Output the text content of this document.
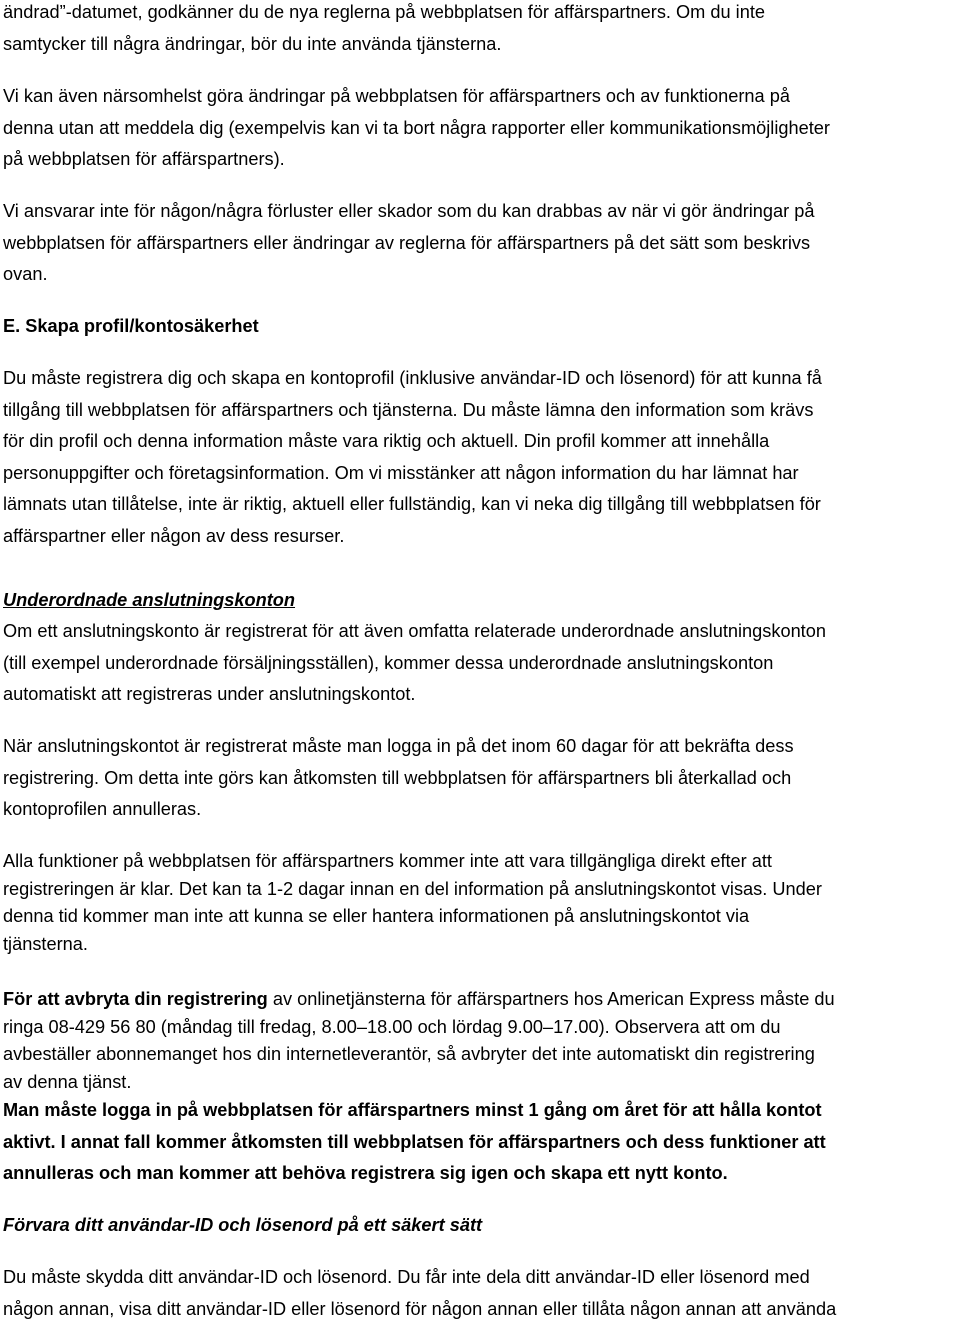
ändrad”-datumet, godkänner du de nya reglerna på webbplatsen för affärspartners. Om du inte
samtycker till några ändringar, bör du inte använda tjänsterna.

Vi kan även närsomhelst göra ändringar på webbplatsen för affärspartners och av funktionerna på
denna utan att meddela dig (exempelvis kan vi ta bort några rapporter eller kommunikationsmöjligheter
på webbplatsen för affärspartners).

Vi ansvarar inte för någon/några förluster eller skador som du kan drabbas av när vi gör ändringar på
webbplatsen för affärspartners eller ändringar av reglerna för affärspartners på det sätt som beskrivs
ovan.

E. Skapa profil/kontosäkerhet

Du måste registrera dig och skapa en kontoprofil (inklusive användar-ID och lösenord) för att kunna få
tillgång till webbplatsen för affärspartners och tjänsterna. Du måste lämna den information som krävs
för din profil och denna information måste vara riktig och aktuell. Din profil kommer att innehålla
personuppgifter och företagsinformation. Om vi misstänker att någon information du har lämnat har
lämnats utan tillåtelse, inte är riktig, aktuell eller fullständig, kan vi neka dig tillgång till webbplatsen för
affärspartner eller någon av dess resurser.

Underordnade anslutningskonton

Om ett anslutningskonto är registrerat för att även omfatta relaterade underordnade anslutningskonton
(till exempel underordnade försäljningsställen), kommer dessa underordnade anslutningskonton
automatiskt att registreras under anslutningskontot.

När anslutningskontot är registrerat måste man logga in på det inom 60 dagar för att bekräfta dess
registrering. Om detta inte görs kan åtkomsten till webbplatsen för affärspartners bli återkallad och
kontoprofilen annulleras.

Alla funktioner på webbplatsen för affärspartners kommer inte att vara tillgängliga direkt efter att
registreringen är klar. Det kan ta 1-2 dagar innan en del information på anslutningskontot visas. Under
denna tid kommer man inte att kunna se eller hantera informationen på anslutningskontot via
tjänsterna.

För att avbryta din registrering av onlinetjänsterna för affärspartners hos American Express måste du
ringa 08-429 56 80 (måndag till fredag, 8.00–18.00 och lördag 9.00–17.00). Observera att om du
avbeställer abonnemanget hos din internetleverantör, så avbryter det inte automatiskt din registrering
av denna tjänst.

Man måste logga in på webbplatsen för affärspartners minst 1 gång om året för att hålla kontot
aktivt. I annat fall kommer åtkomsten till webbplatsen för affärspartners och dess funktioner att
annulleras och man kommer att behöva registrera sig igen och skapa ett nytt konto.

Förvara ditt användar-ID och lösenord på ett säkert sätt

Du måste skydda ditt användar-ID och lösenord. Du får inte dela ditt användar-ID eller lösenord med
någon annan, visa ditt användar-ID eller lösenord för någon annan eller tillåta någon annan att använda
